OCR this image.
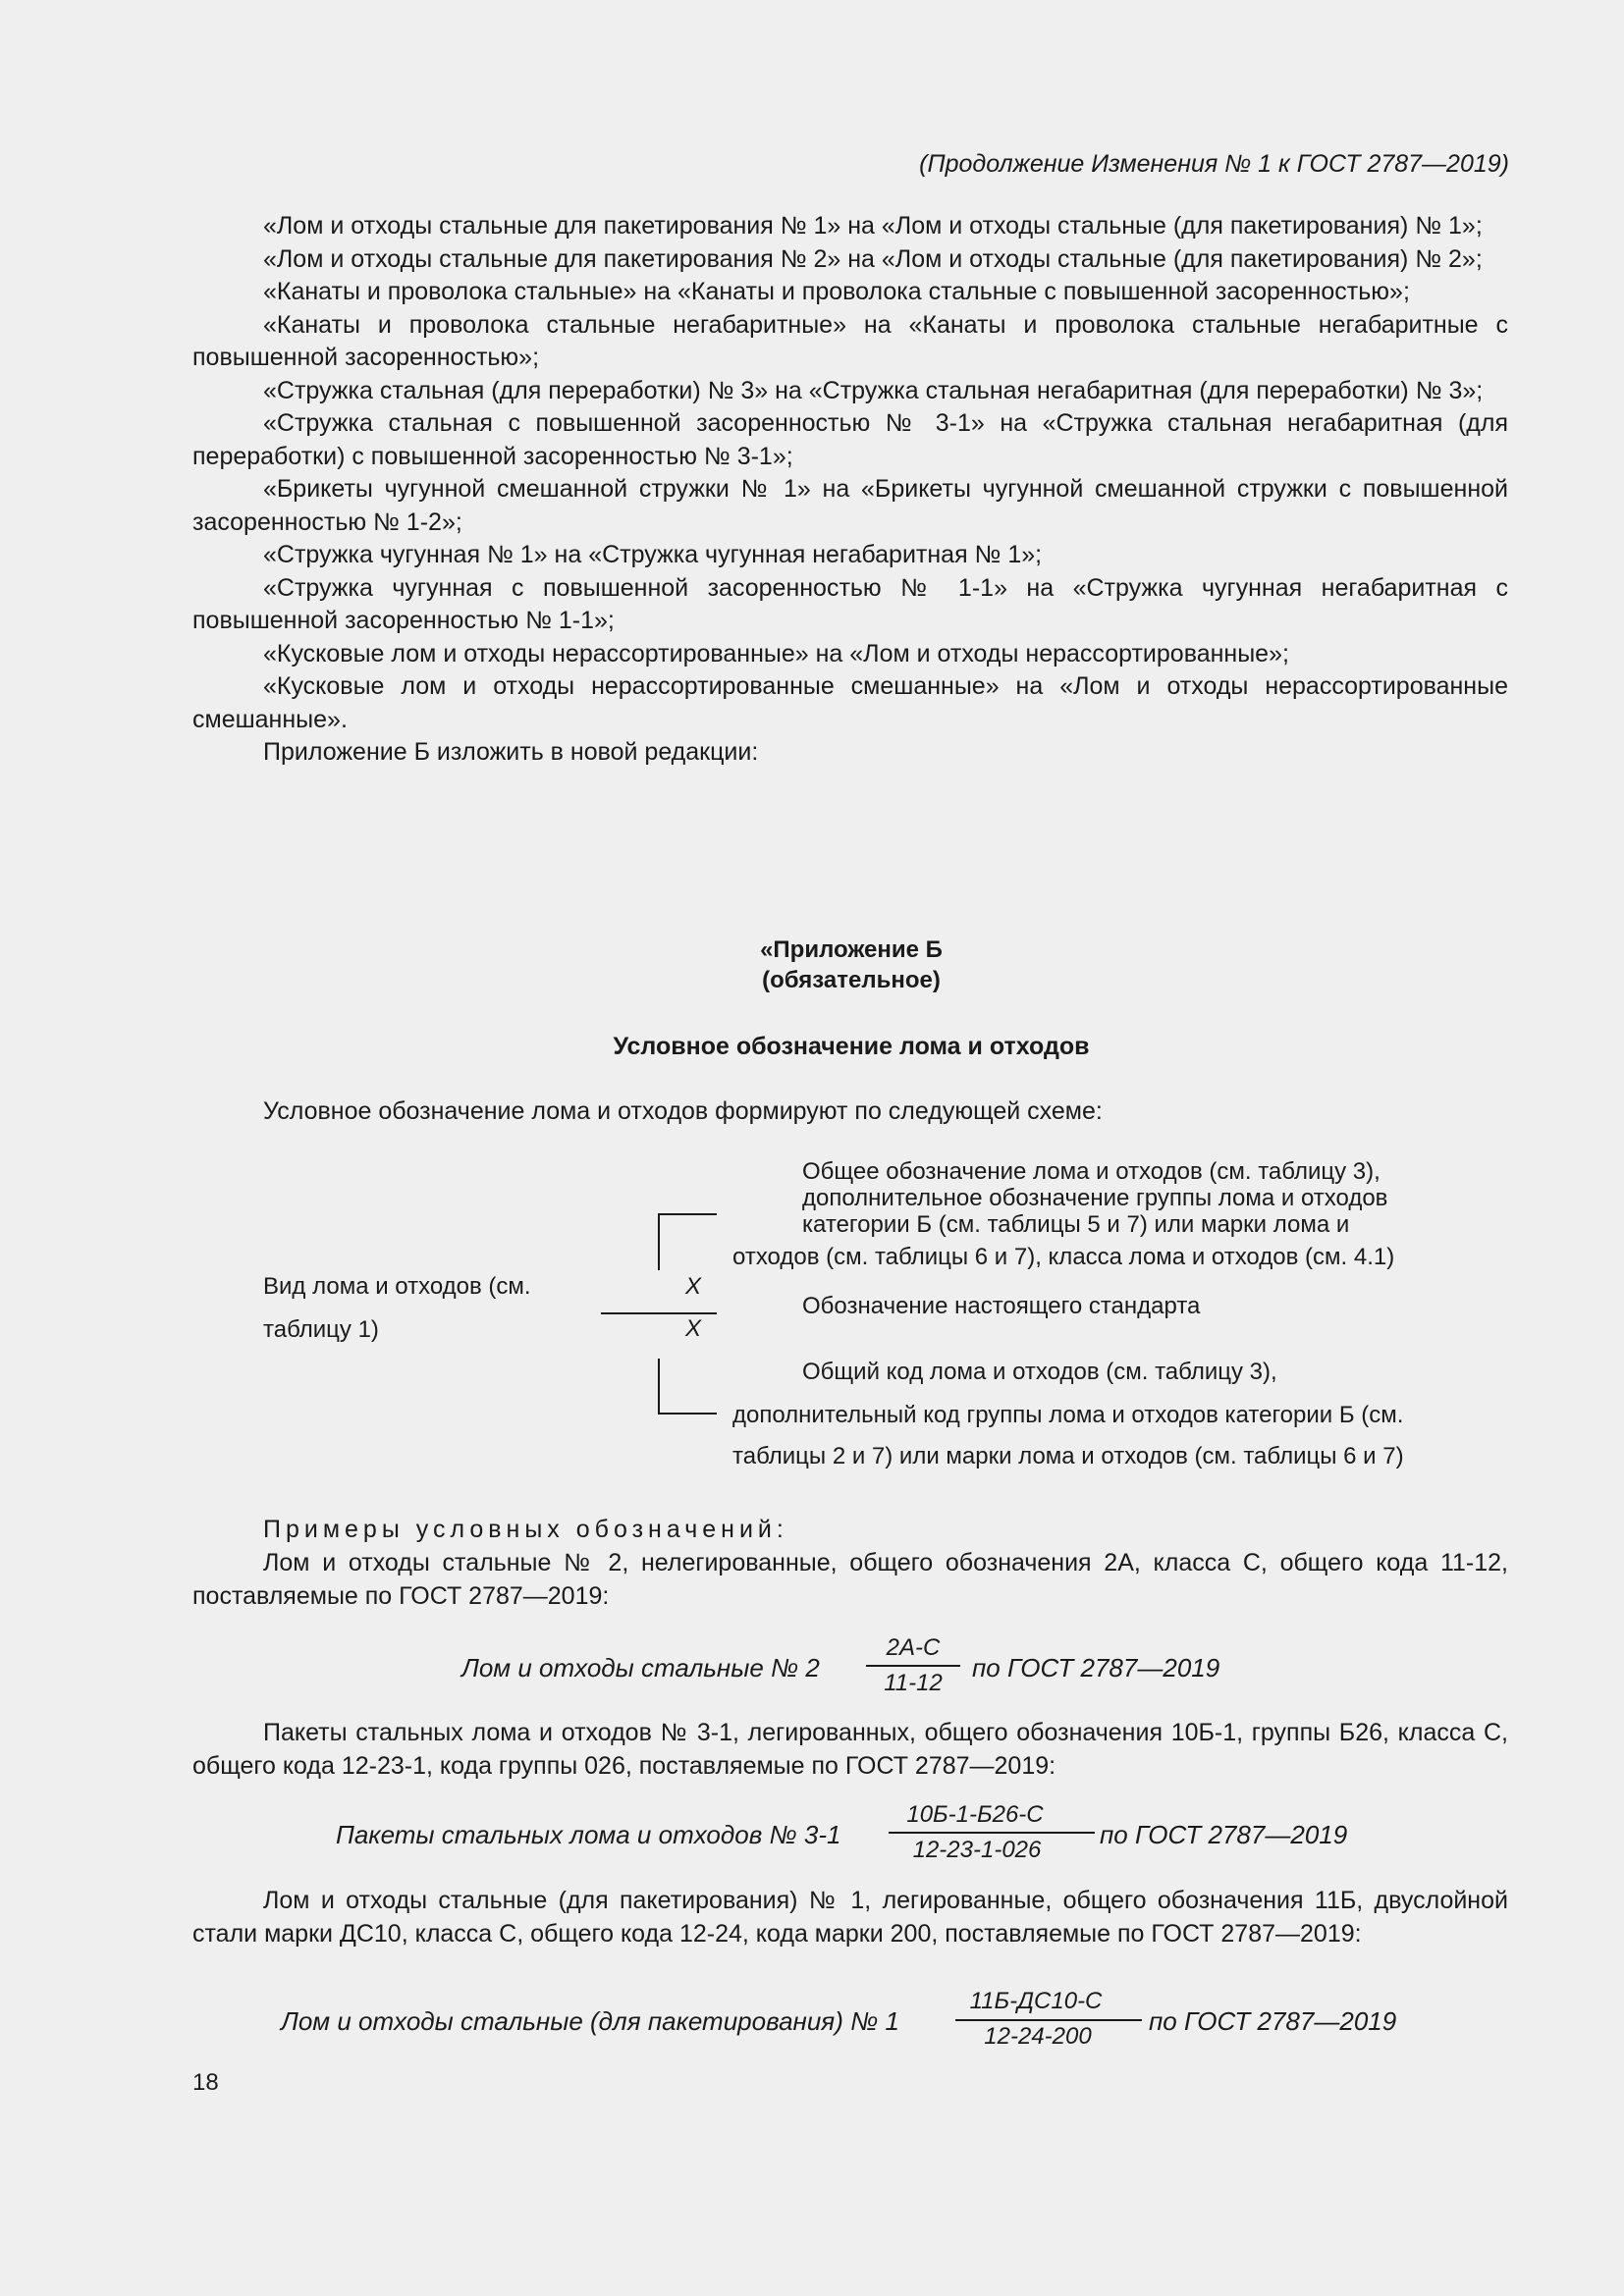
(Продолжение Изменения № 1 к ГОСТ 2787—2019)

«Лом и отходы стальные для пакетирования № 1» на «Лом и отходы стальные (для пакетирования) № 1»;

«Лом и отходы стальные для пакетирования № 2» на «Лом и отходы стальные (для пакетирования) № 2»;

«Канаты и проволока стальные» на «Канаты и проволока стальные с повышенной засоренностью»;

«Канаты и проволока стальные негабаритные» на «Канаты и проволока стальные негабаритные с повышенной засоренностью»;

«Стружка стальная (для переработки) № 3» на «Стружка стальная негабаритная (для переработки) № 3»;

«Стружка стальная с повышенной засоренностью № 3-1» на «Стружка стальная негабаритная (для переработки) с повышенной засоренностью № 3-1»;

«Брикеты чугунной смешанной стружки № 1» на «Брикеты чугунной смешанной стружки с повышенной засоренностью № 1-2»;

«Стружка чугунная № 1» на «Стружка чугунная негабаритная № 1»;

«Стружка чугунная с повышенной засоренностью № 1-1» на «Стружка чугунная негабаритная с повышенной засоренностью № 1-1»;

«Кусковые лом и отходы нерассортированные» на «Лом и отходы нерассортированные»;

«Кусковые лом и отходы нерассортированные смешанные» на «Лом и отходы нерассортированные смешанные».

Приложение Б изложить в новой редакции:

«Приложение Б
(обязательное)
Условное обозначение лома и отходов
Условное обозначение лома и отходов формируют по следующей схеме:
Вид лома и отходов (см.
таблицу 1)
X
X
Общее обозначение лома и отходов (см. таблицу 3),
дополнительное обозначение группы лома и отходов
категории Б (см. таблицы 5 и 7) или марки лома и
отходов (см. таблицы 6 и 7), класса лома и отходов (см. 4.1)
Обозначение настоящего стандарта
Общий код лома и отходов (см. таблицу 3),
дополнительный код группы лома и отходов категории Б (см.
таблицы 2 и 7) или марки лома и отходов (см. таблицы 6 и 7)
Примеры условных обозначений:

Лом и отходы стальные № 2, нелегированные, общего обозначения 2А, класса С, общего кода 11-12, поставляемые по ГОСТ 2787—2019:

Лом и отходы стальные № 2
2А-С
11-12
по ГОСТ 2787—2019

Пакеты стальных лома и отходов № 3-1, легированных, общего обозначения 10Б-1, группы Б26, класса С, общего кода 12-23-1, кода группы 026, поставляемые по ГОСТ 2787—2019:

Пакеты стальных лома и отходов № 3-1
10Б-1-Б26-С
12-23-1-026
по ГОСТ 2787—2019

Лом и отходы стальные (для пакетирования) № 1, легированные, общего обозначения 11Б, двуслойной стали марки ДС10, класса С, общего кода 12-24, кода марки 200, поставляемые по ГОСТ 2787—2019:

Лом и отходы стальные (для пакетирования) № 1
11Б-ДС10-С
12-24-200
по ГОСТ 2787—2019
18
